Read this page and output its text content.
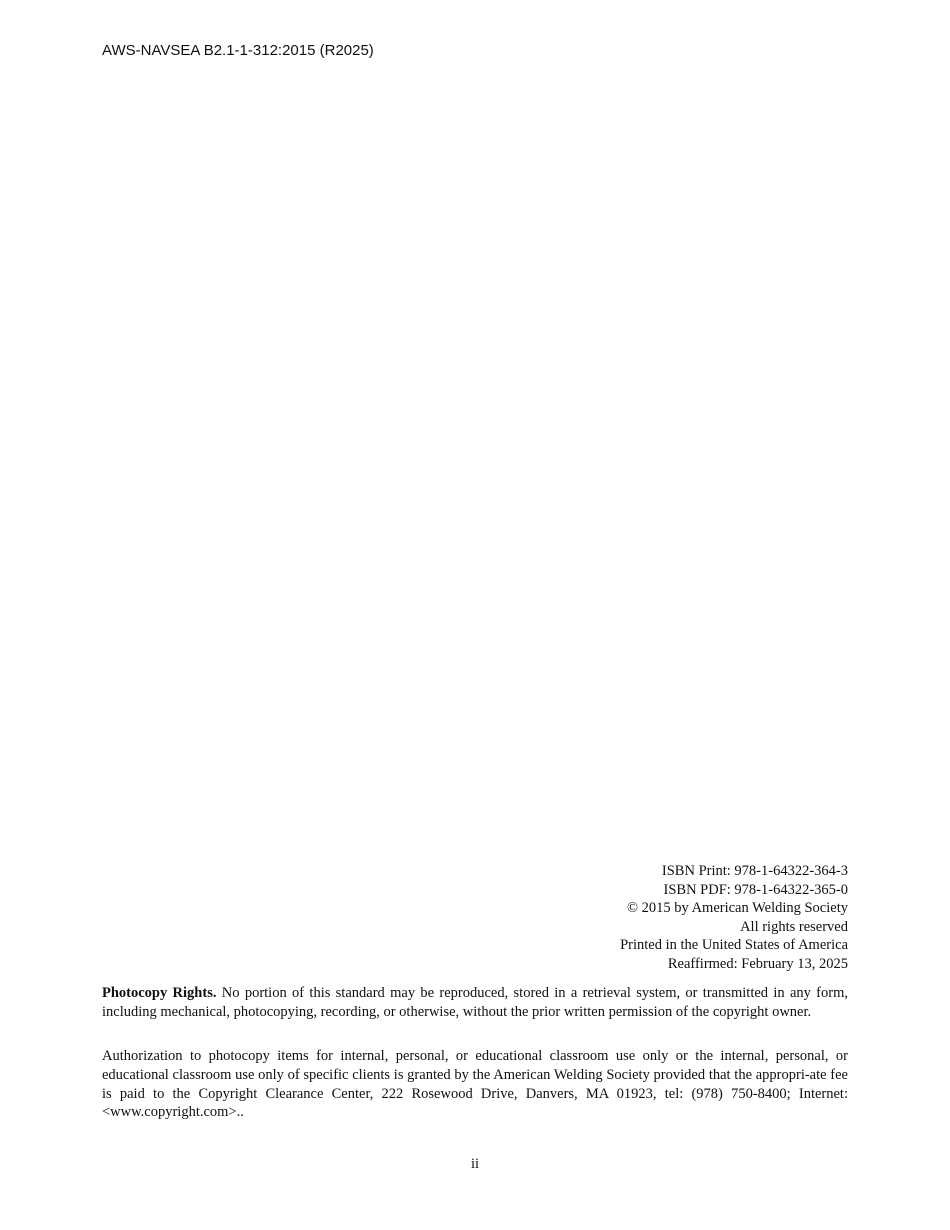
AWS-NAVSEA B2.1-1-312:2015 (R2025)
ISBN Print: 978-1-64322-364-3
ISBN PDF: 978-1-64322-365-0
© 2015 by American Welding Society
All rights reserved
Printed in the United States of America
Reaffirmed: February 13, 2025

Photocopy Rights. No portion of this standard may be reproduced, stored in a retrieval system, or transmitted in any form, including mechanical, photocopying, recording, or otherwise, without the prior written permission of the copyright owner.

Authorization to photocopy items for internal, personal, or educational classroom use only or the internal, personal, or educational classroom use only of specific clients is granted by the American Welding Society provided that the appropri-ate fee is paid to the Copyright Clearance Center, 222 Rosewood Drive, Danvers, MA 01923, tel: (978) 750-8400; Internet: <www.copyright.com>..

ii
